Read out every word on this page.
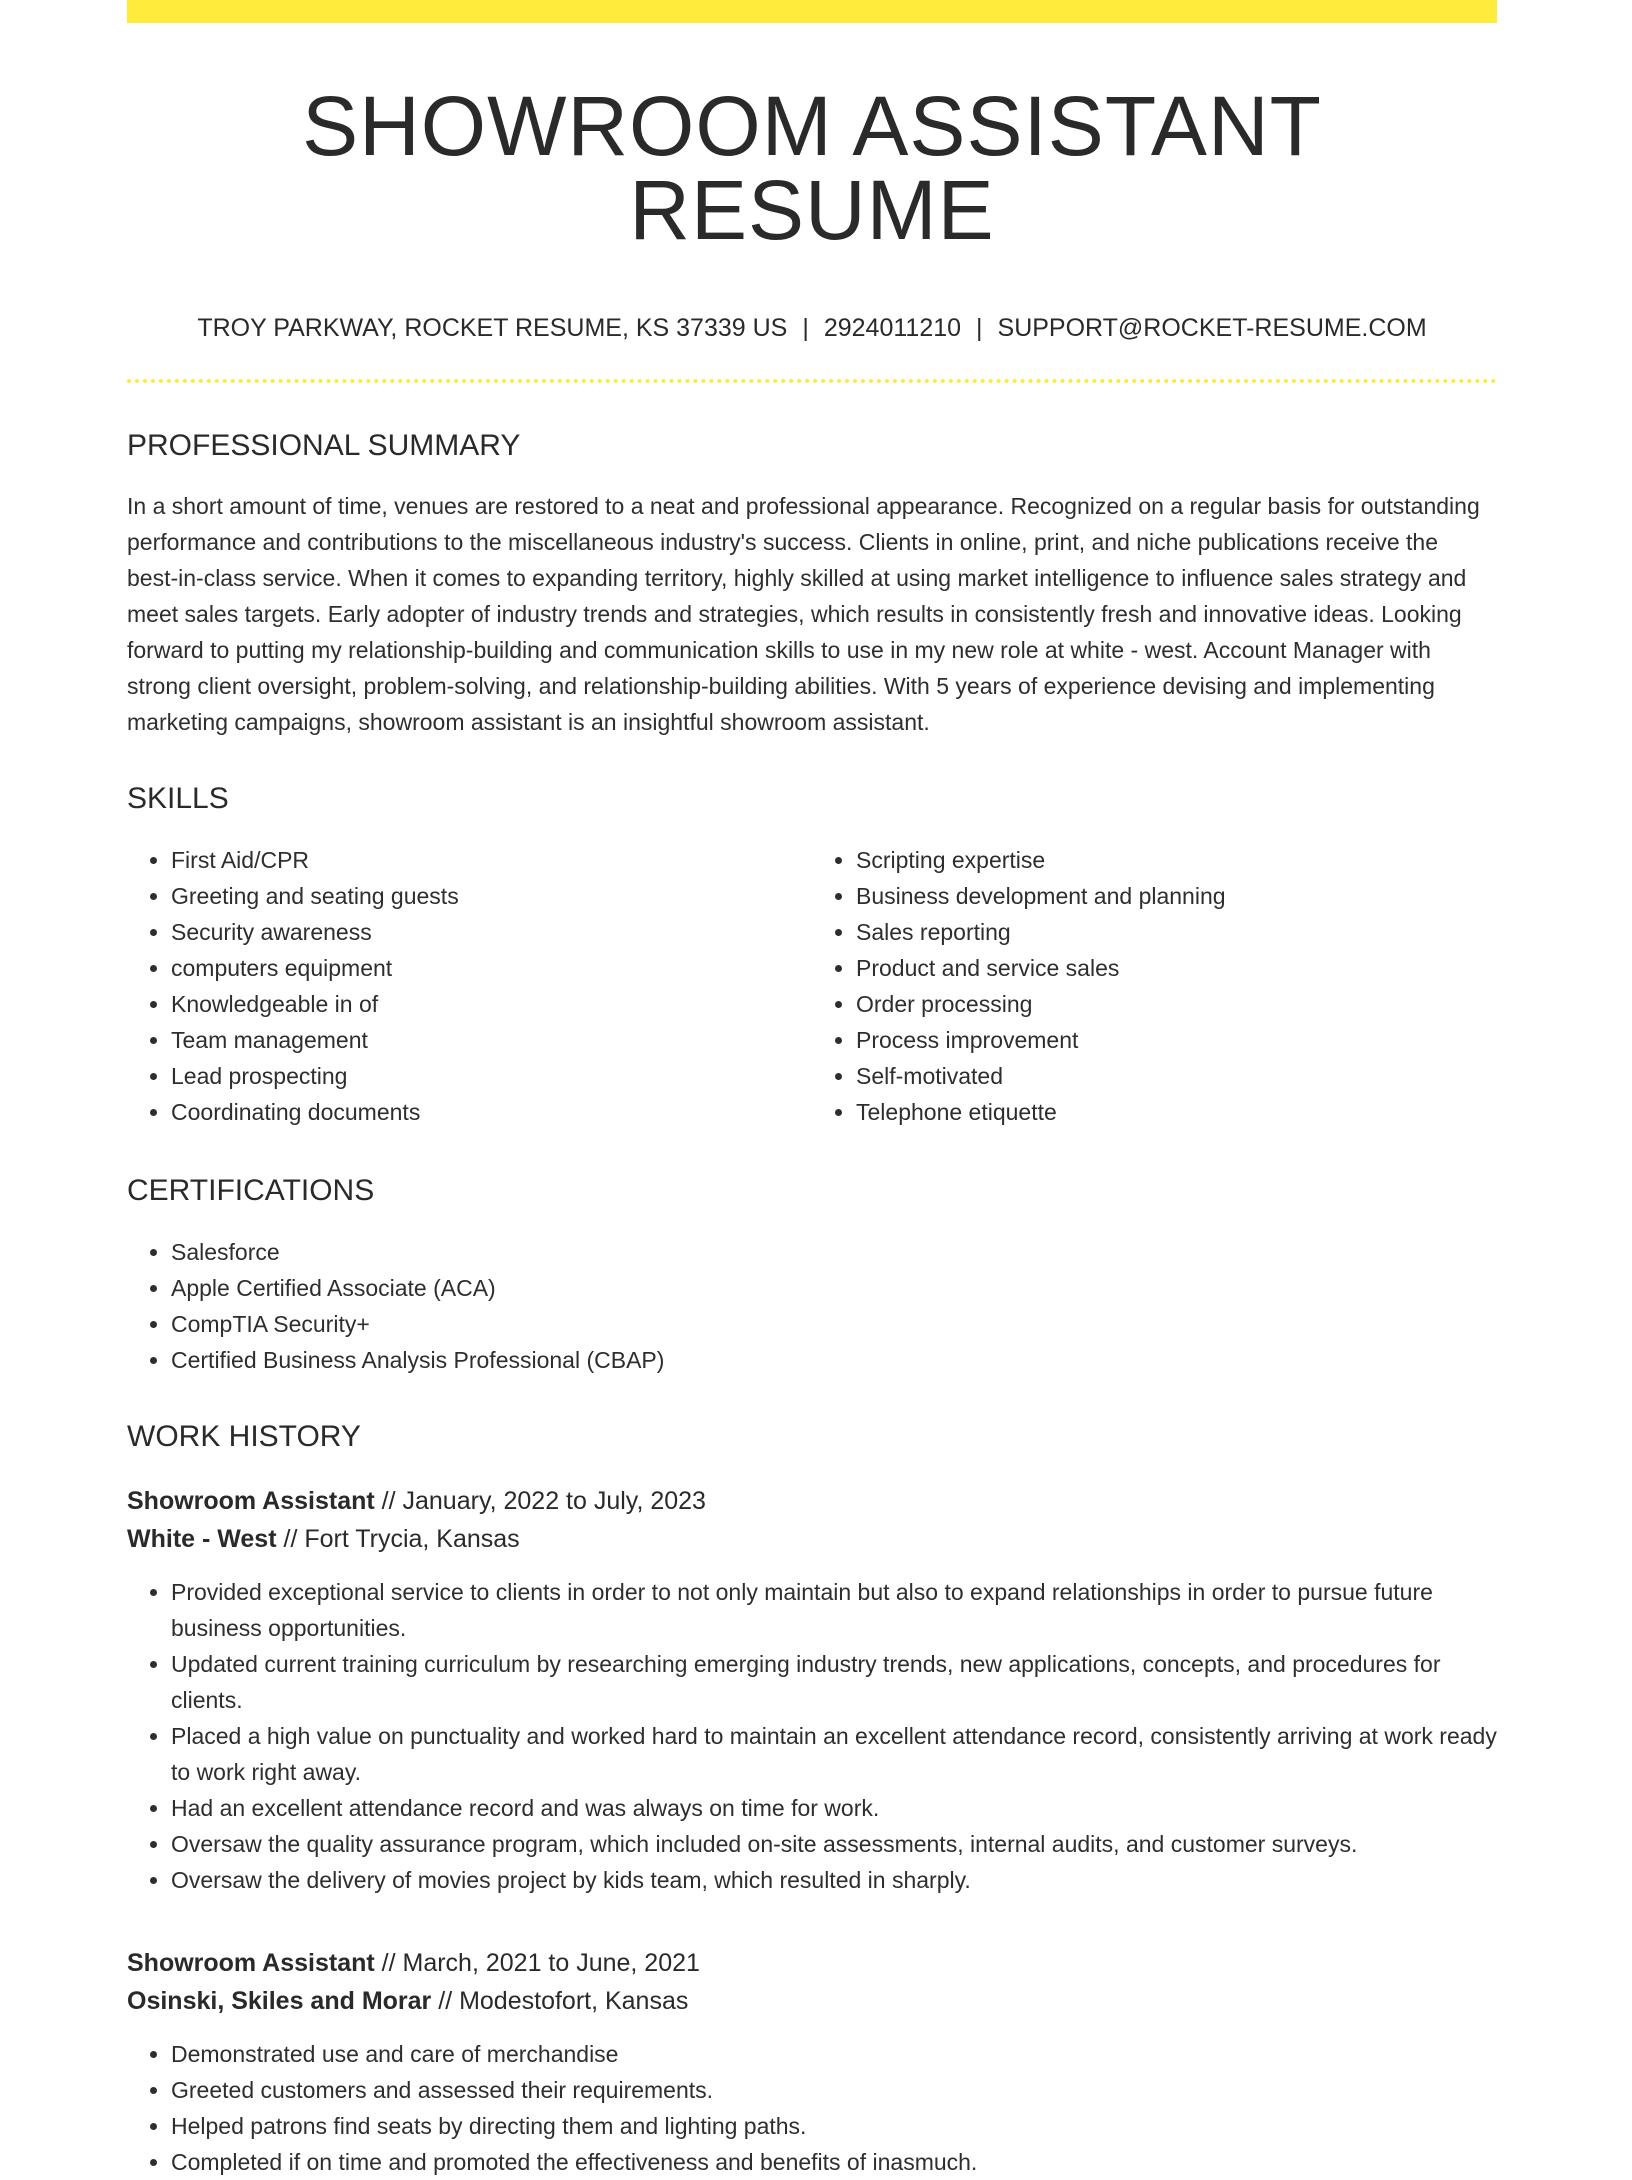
SHOWROOM ASSISTANT RESUME
TROY PARKWAY, ROCKET RESUME, KS 37339 US | 2924011210 | SUPPORT@ROCKET-RESUME.COM
PROFESSIONAL SUMMARY

In a short amount of time, venues are restored to a neat and professional appearance. Recognized on a regular basis for outstanding performance and contributions to the miscellaneous industry's success. Clients in online, print, and niche publications receive the best-in-class service. When it comes to expanding territory, highly skilled at using market intelligence to influence sales strategy and meet sales targets. Early adopter of industry trends and strategies, which results in consistently fresh and innovative ideas. Looking forward to putting my relationship-building and communication skills to use in my new role at white - west. Account Manager with strong client oversight, problem-solving, and relationship-building abilities. With 5 years of experience devising and implementing marketing campaigns, showroom assistant is an insightful showroom assistant.

SKILLS
• First Aid/CPR
• Greeting and seating guests
• Security awareness
• computers equipment
• Knowledgeable in of
• Team management
• Lead prospecting
• Coordinating documents
• Scripting expertise
• Business development and planning
• Sales reporting
• Product and service sales
• Order processing
• Process improvement
• Self-motivated
• Telephone etiquette
CERTIFICATIONS
• Salesforce
• Apple Certified Associate (ACA)
• CompTIA Security+
• Certified Business Analysis Professional (CBAP)
WORK HISTORY
Showroom Assistant // January, 2022 to July, 2023
White - West // Fort Trycia, Kansas
• Provided exceptional service to clients in order to not only maintain but also to expand relationships in order to pursue future business opportunities.
• Updated current training curriculum by researching emerging industry trends, new applications, concepts, and procedures for clients.
• Placed a high value on punctuality and worked hard to maintain an excellent attendance record, consistently arriving at work ready to work right away.
• Had an excellent attendance record and was always on time for work.
• Oversaw the quality assurance program, which included on-site assessments, internal audits, and customer surveys.
• Oversaw the delivery of movies project by kids team, which resulted in sharply.
Showroom Assistant // March, 2021 to June, 2021
Osinski, Skiles and Morar // Modestofort, Kansas
• Demonstrated use and care of merchandise
• Greeted customers and assessed their requirements.
• Helped patrons find seats by directing them and lighting paths.
• Completed if on time and promoted the effectiveness and benefits of inasmuch.
